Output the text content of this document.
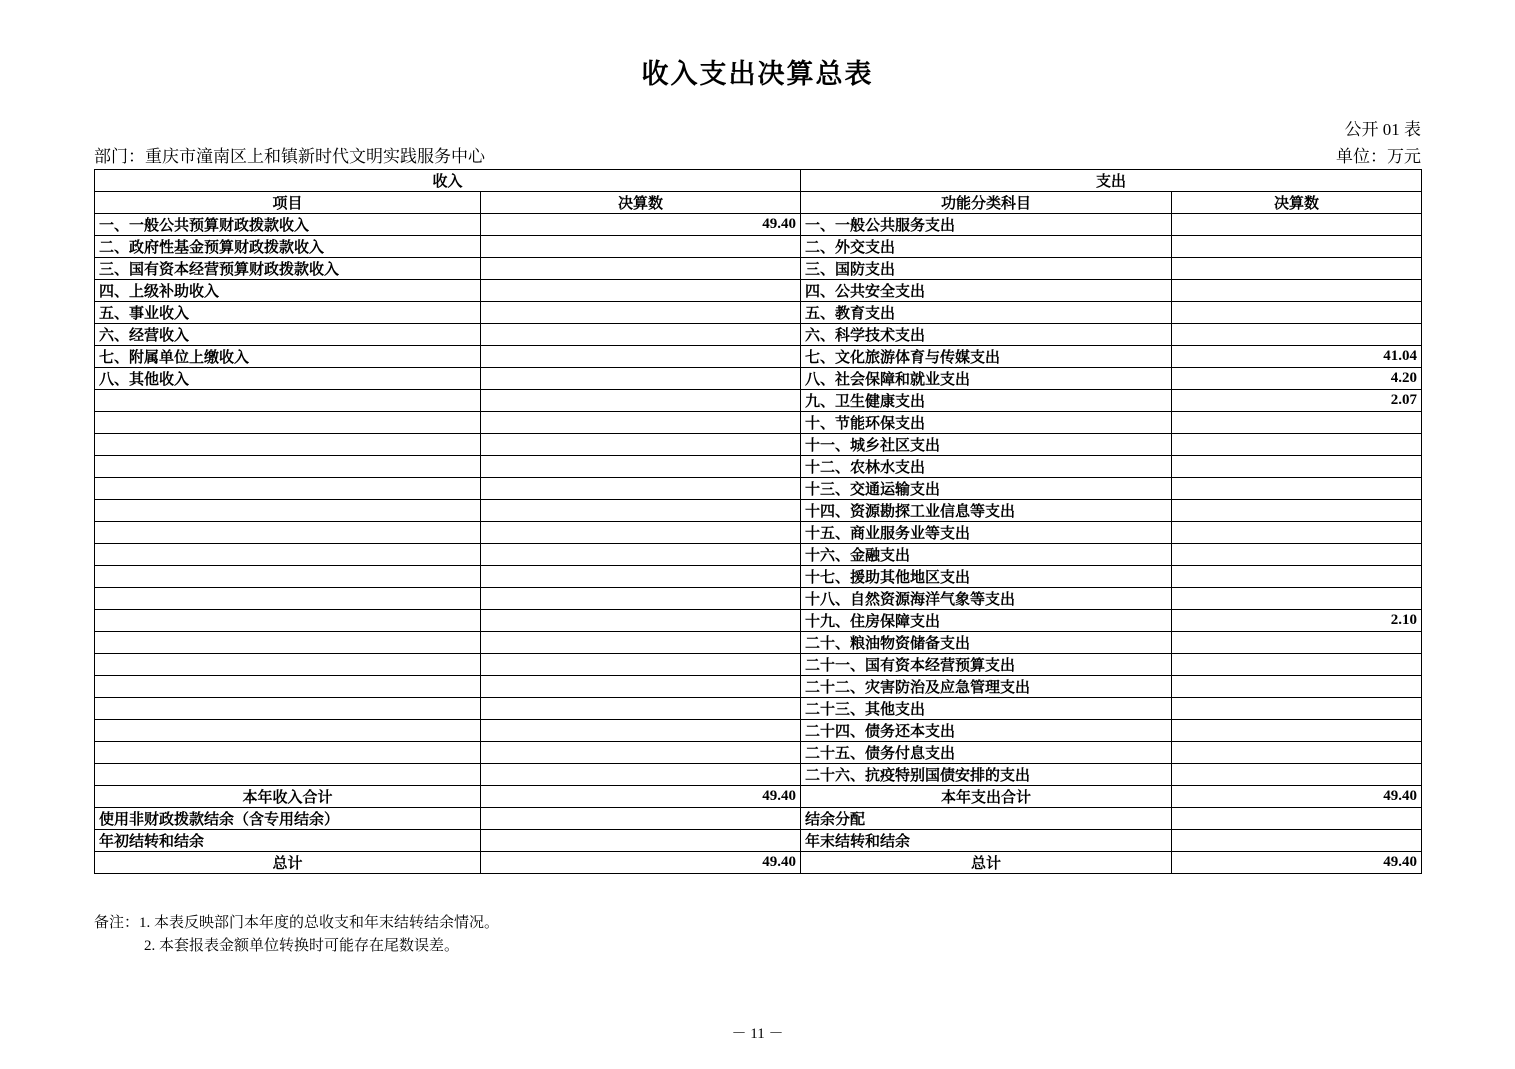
收入支出决算总表
公开 01 表
部门：重庆市潼南区上和镇新时代文明实践服务中心	单位：万元
收入		支出	
项目	决算数	功能分类科目	决算数
一、一般公共预算财政拨款收入	49.40	一、一般公共服务支出	
二、政府性基金预算财政拨款收入		二、外交支出	
三、国有资本经营预算财政拨款收入		三、国防支出	
四、上级补助收入		四、公共安全支出	
五、事业收入		五、教育支出	
六、经营收入		六、科学技术支出	
七、附属单位上缴收入		七、文化旅游体育与传媒支出	41.04
八、其他收入		八、社会保障和就业支出	4.20
		九、卫生健康支出	2.07
		十、节能环保支出	
		十一、城乡社区支出	
		十二、农林水支出	
		十三、交通运输支出	
		十四、资源勘探工业信息等支出	
		十五、商业服务业等支出	
		十六、金融支出	
		十七、援助其他地区支出	
		十八、自然资源海洋气象等支出	
		十九、住房保障支出	2.10
		二十、粮油物资储备支出	
		二十一、国有资本经营预算支出	
		二十二、灾害防治及应急管理支出	
		二十三、其他支出	
		二十四、债务还本支出	
		二十五、债务付息支出	
		二十六、抗疫特别国债安排的支出	
本年收入合计	49.40	本年支出合计	49.40
使用非财政拨款结余（含专用结余）		结余分配	
年初结转和结余		年末结转和结余	
总计	49.40	总计	49.40
备注：1. 本表反映部门本年度的总收支和年末结转结余情况。
2. 本套报表金额单位转换时可能存在尾数误差。
－ 11 －
